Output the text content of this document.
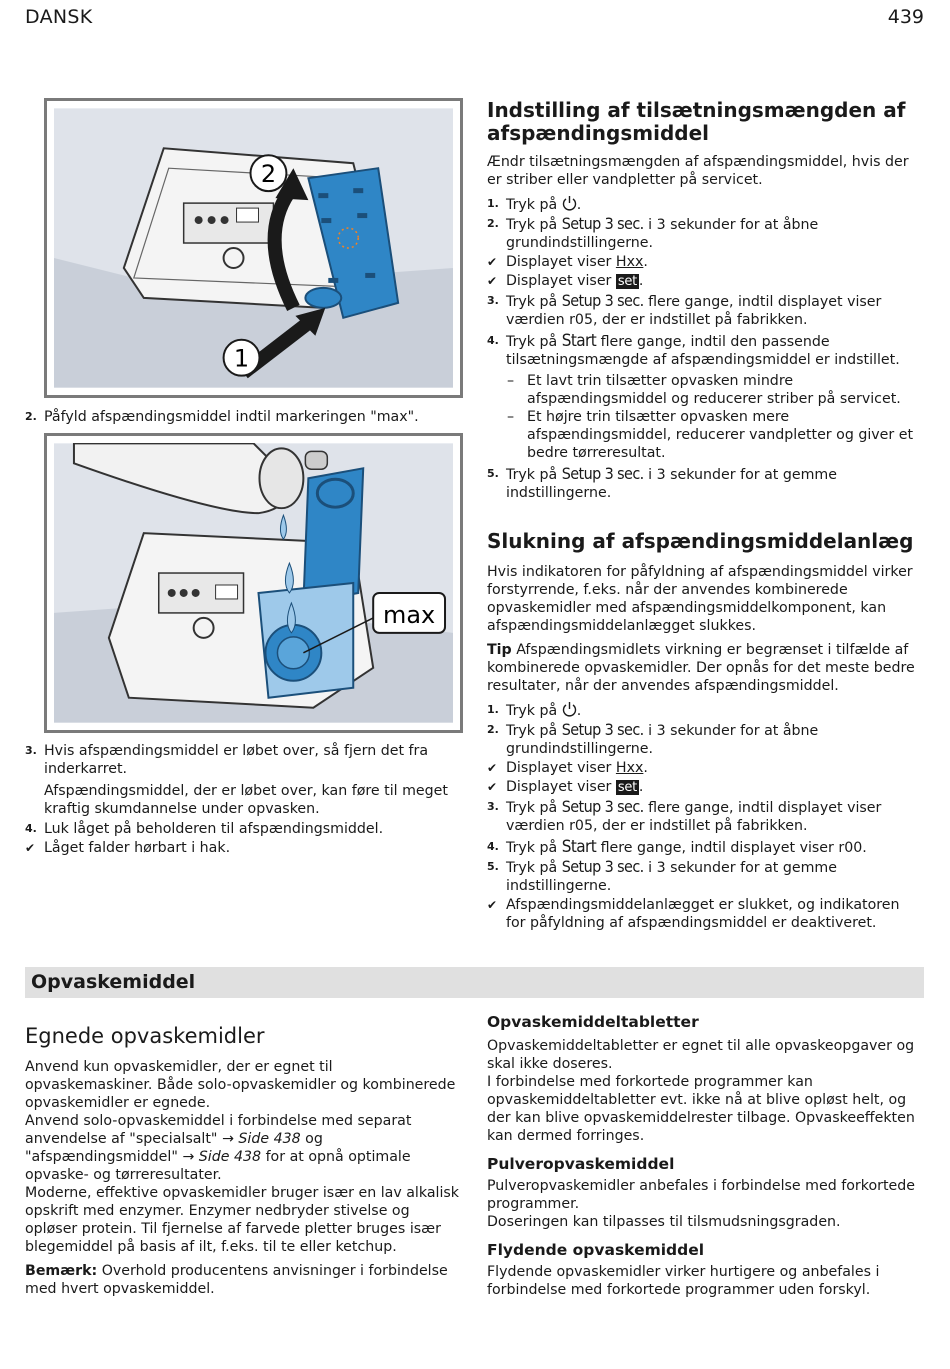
DANSK	439
2
1
2. Påfyld afspændingsmiddel indtil markeringen "max".
max
3. Hvis afspændingsmiddel er løbet over, så fjern det fra inderkarret.

Afspændingsmiddel, der er løbet over, kan føre til meget kraftig skumdannelse under opvasken.

4. Luk låget på beholderen til afspændingsmiddel.
✔ Låget falder hørbart i hak.
Indstilling af tilsætningsmængden af afspændingsmiddel

Ændr tilsætningsmængden af afspændingsmiddel, hvis der er striber eller vandpletter på servicet.

1. Tryk på .
2. Tryk på Setup 3 sec. i 3 sekunder for at åbne grundindstillingerne.
✔ Displayet viser Hxx.
✔ Displayet viser set .
3. Tryk på Setup 3 sec. flere gange, indtil displayet viser værdien r05, der er indstillet på fabrikken.
4. Tryk på Start flere gange, indtil den passende tilsætningsmængde af afspændingsmiddel er indstillet.
– Et lavt trin tilsætter opvasken mindre afspændingsmiddel og reducerer striber på servicet.
– Et højre trin tilsætter opvasken mere afspændingsmiddel, reducerer vandpletter og giver et bedre tørreresultat.
5. Tryk på Setup 3 sec. i 3 sekunder for at gemme indstillingerne.
Slukning af afspændingsmiddelanlæg

Hvis indikatoren for påfyldning af afspændingsmiddel virker forstyrrende, f.eks. når der anvendes kombinerede opvaskemidler med afspændingsmiddelkomponent, kan afspændingsmiddelanlægget slukkes.

Tip Afspændingsmidlets virkning er begrænset i tilfælde af kombinerede opvaskemidler. Der opnås for det meste bedre resultater, når der anvendes afspændingsmiddel.

1. Tryk på .
2. Tryk på Setup 3 sec. i 3 sekunder for at åbne grundindstillingerne.
✔ Displayet viser Hxx.
✔ Displayet viser set .
3. Tryk på Setup 3 sec. flere gange, indtil displayet viser værdien r05, der er indstillet på fabrikken.
4. Tryk på Start flere gange, indtil displayet viser r00.
5. Tryk på Setup 3 sec. i 3 sekunder for at gemme indstillingerne.
✔ Afspændingsmiddelanlægget er slukket, og indikatoren for påfyldning af afspændingsmiddel er deaktiveret.
Opvaskemiddel
Egnede opvaskemidler

Anvend kun opvaskemidler, der er egnet til opvaskemaskiner. Både solo-opvaskemidler og kombinerede opvaskemidler er egnede.

Anvend solo-opvaskemiddel i forbindelse med separat anvendelse af "specialsalt" → Side 438 og "afspændingsmiddel" → Side 438 for at opnå optimale opvaske- og tørreresultater.

Moderne, effektive opvaskemidler bruger især en lav alkalisk opskrift med enzymer. Enzymer nedbryder stivelse og opløser protein. Til fjernelse af farvede pletter bruges især blegemiddel på basis af ilt, f.eks. til te eller ketchup.

Bemærk: Overhold producentens anvisninger i forbindelse med hvert opvaskemiddel.

Opvaskemiddeltabletter

Opvaskemiddeltabletter er egnet til alle opvaskeopgaver og skal ikke doseres.

I forbindelse med forkortede programmer kan opvaskemiddeltabletter evt. ikke nå at blive opløst helt, og der kan blive opvaskemiddelrester tilbage. Opvaskeeffekten kan dermed forringes.

Pulveropvaskemiddel

Pulveropvaskemidler anbefales i forbindelse med forkortede programmer.

Doseringen kan tilpasses til tilsmudsningsgraden.

Flydende opvaskemiddel

Flydende opvaskemidler virker hurtigere og anbefales i forbindelse med forkortede programmer uden forskyl.
